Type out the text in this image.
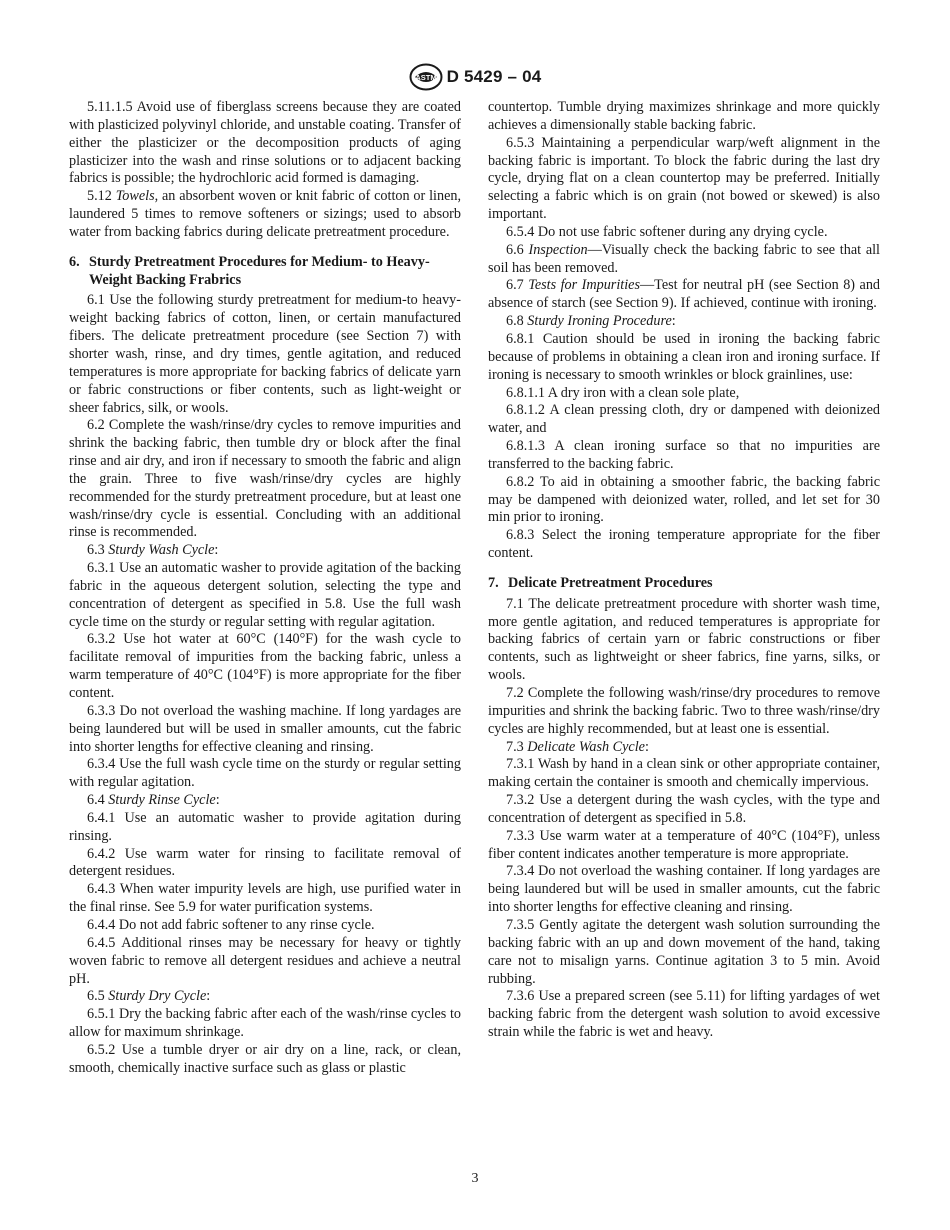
ASTM D 5429 – 04

5.11.1.5 Avoid use of fiberglass screens because they are coated with plasticized polyvinyl chloride, and unstable coating. Transfer of either the plasticizer or the decomposition products of aging plasticizer into the wash and rinse solutions or to adjacent backing fabrics is possible; the hydrochloric acid formed is damaging.

5.12 Towels, an absorbent woven or knit fabric of cotton or linen, laundered 5 times to remove softeners or sizings; used to absorb water from backing fabrics during delicate pretreatment procedure.

6. Sturdy Pretreatment Procedures for Medium- to Heavy-Weight Backing Frabrics

6.1 Use the following sturdy pretreatment for medium-to heavy-weight backing fabrics of cotton, linen, or certain manufactured fibers. The delicate pretreatment procedure (see Section 7) with shorter wash, rinse, and dry times, gentle agitation, and reduced temperatures is more appropriate for backing fabrics of delicate yarn or fabric constructions or fiber contents, such as light-weight or sheer fabrics, silk, or wools.

6.2 Complete the wash/rinse/dry cycles to remove impurities and shrink the backing fabric, then tumble dry or block after the final rinse and air dry, and iron if necessary to smooth the fabric and align the grain. Three to five wash/rinse/dry cycles are highly recommended for the sturdy pretreatment procedure, but at least one wash/rinse/dry cycle is essential. Concluding with an additional rinse is recommended.

6.3 Sturdy Wash Cycle:

6.3.1 Use an automatic washer to provide agitation of the backing fabric in the aqueous detergent solution, selecting the type and concentration of detergent as specified in 5.8. Use the full wash cycle time on the sturdy or regular setting with regular agitation.

6.3.2 Use hot water at 60°C (140°F) for the wash cycle to facilitate removal of impurities from the backing fabric, unless a warm temperature of 40°C (104°F) is more appropriate for the fiber content.

6.3.3 Do not overload the washing machine. If long yardages are being laundered but will be used in smaller amounts, cut the fabric into shorter lengths for effective cleaning and rinsing.

6.3.4 Use the full wash cycle time on the sturdy or regular setting with regular agitation.

6.4 Sturdy Rinse Cycle:

6.4.1 Use an automatic washer to provide agitation during rinsing.

6.4.2 Use warm water for rinsing to facilitate removal of detergent residues.

6.4.3 When water impurity levels are high, use purified water in the final rinse. See 5.9 for water purification systems.

6.4.4 Do not add fabric softener to any rinse cycle.

6.4.5 Additional rinses may be necessary for heavy or tightly woven fabric to remove all detergent residues and achieve a neutral pH.

6.5 Sturdy Dry Cycle:

6.5.1 Dry the backing fabric after each of the wash/rinse cycles to allow for maximum shrinkage.

6.5.2 Use a tumble dryer or air dry on a line, rack, or clean, smooth, chemically inactive surface such as glass or plastic

countertop. Tumble drying maximizes shrinkage and more quickly achieves a dimensionally stable backing fabric.

6.5.3 Maintaining a perpendicular warp/weft alignment in the backing fabric is important. To block the fabric during the last dry cycle, drying flat on a clean countertop may be preferred. Initially selecting a fabric which is on grain (not bowed or skewed) is also important.

6.5.4 Do not use fabric softener during any drying cycle.

6.6 Inspection—Visually check the backing fabric to see that all soil has been removed.

6.7 Tests for Impurities—Test for neutral pH (see Section 8) and absence of starch (see Section 9). If achieved, continue with ironing.

6.8 Sturdy Ironing Procedure:

6.8.1 Caution should be used in ironing the backing fabric because of problems in obtaining a clean iron and ironing surface. If ironing is necessary to smooth wrinkles or block grainlines, use:

6.8.1.1 A dry iron with a clean sole plate,

6.8.1.2 A clean pressing cloth, dry or dampened with deionized water, and

6.8.1.3 A clean ironing surface so that no impurities are transferred to the backing fabric.

6.8.2 To aid in obtaining a smoother fabric, the backing fabric may be dampened with deionized water, rolled, and let set for 30 min prior to ironing.

6.8.3 Select the ironing temperature appropriate for the fiber content.

7. Delicate Pretreatment Procedures

7.1 The delicate pretreatment procedure with shorter wash time, more gentle agitation, and reduced temperatures is appropriate for backing fabrics of certain yarn or fabric constructions or fiber contents, such as lightweight or sheer fabrics, fine yarns, silks, or wools.

7.2 Complete the following wash/rinse/dry procedures to remove impurities and shrink the backing fabric. Two to three wash/rinse/dry cycles are highly recommended, but at least one is essential.

7.3 Delicate Wash Cycle:

7.3.1 Wash by hand in a clean sink or other appropriate container, making certain the container is smooth and chemically impervious.

7.3.2 Use a detergent during the wash cycles, with the type and concentration of detergent as specified in 5.8.

7.3.3 Use warm water at a temperature of 40°C (104°F), unless fiber content indicates another temperature is more appropriate.

7.3.4 Do not overload the washing container. If long yardages are being laundered but will be used in smaller amounts, cut the fabric into shorter lengths for effective cleaning and rinsing.

7.3.5 Gently agitate the detergent wash solution surrounding the backing fabric with an up and down movement of the hand, taking care not to misalign yarns. Continue agitation 3 to 5 min. Avoid rubbing.

7.3.6 Use a prepared screen (see 5.11) for lifting yardages of wet backing fabric from the detergent wash solution to avoid excessive strain while the fabric is wet and heavy.

3
